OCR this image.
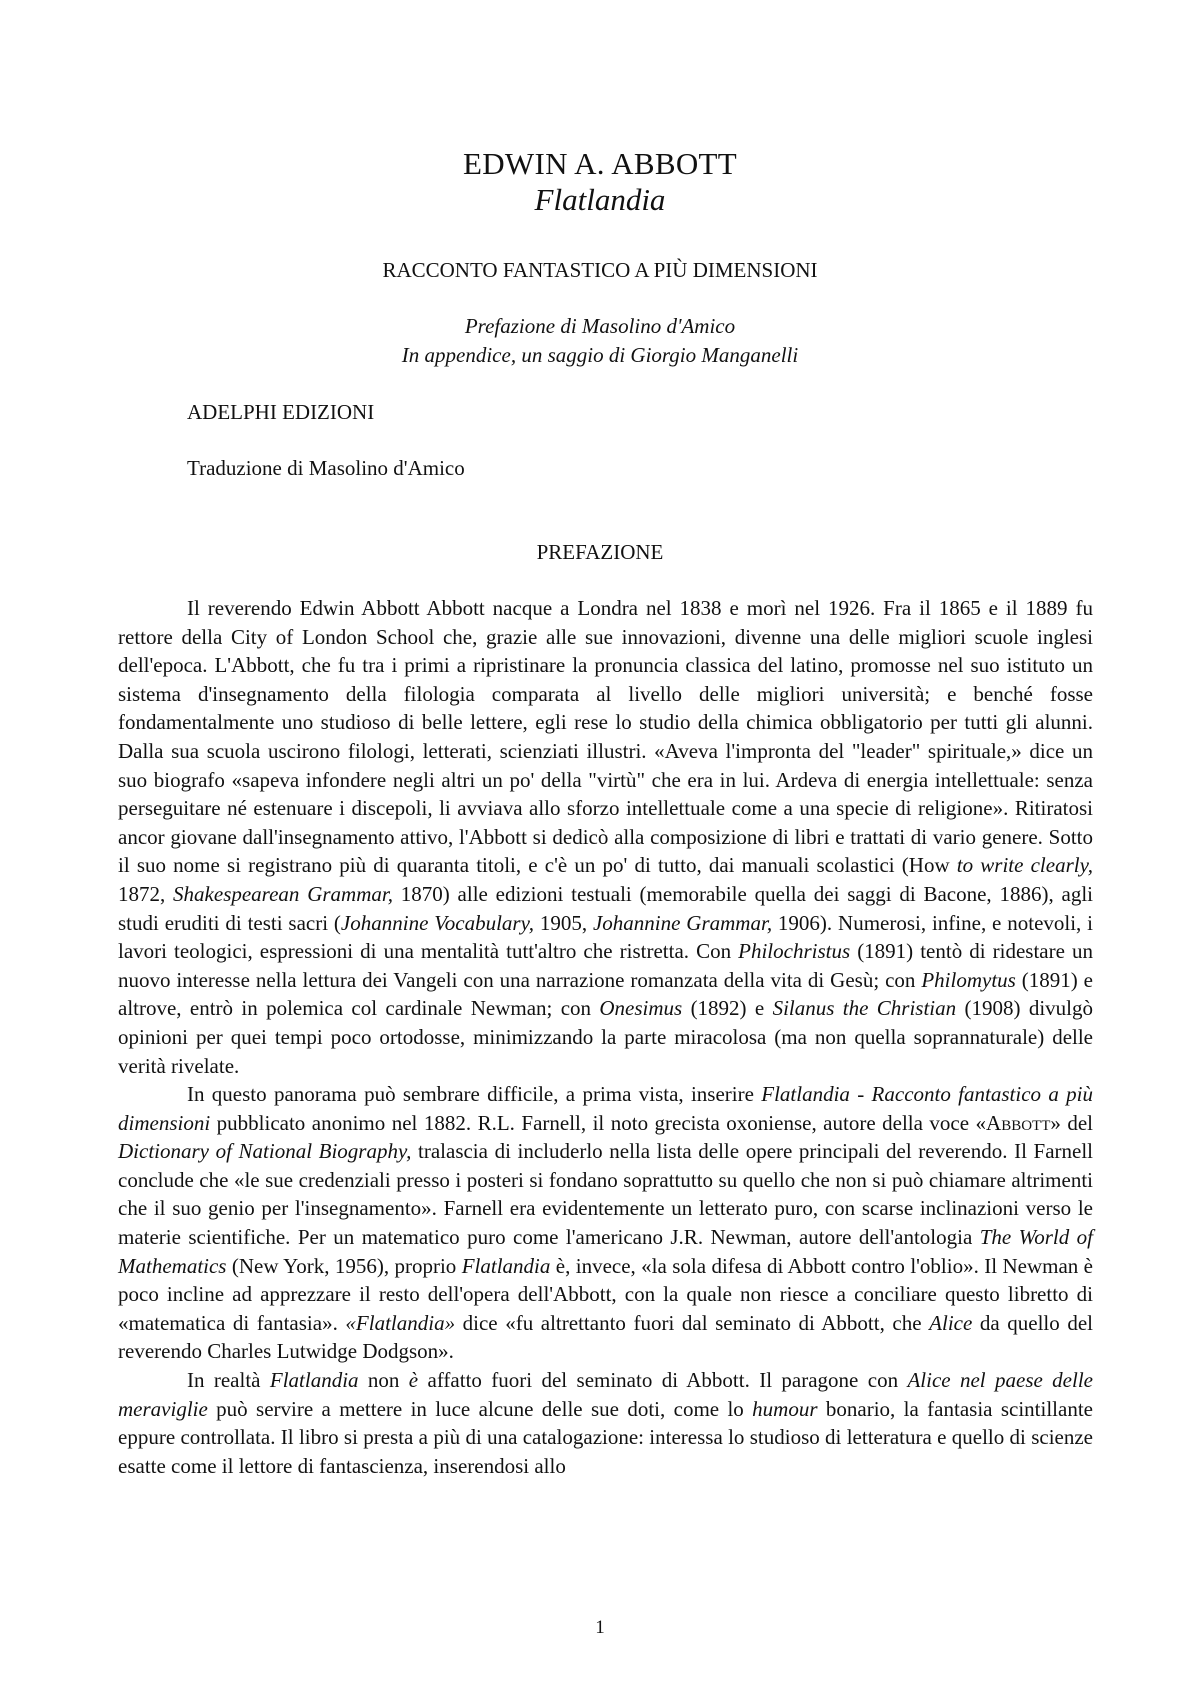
EDWIN A. ABBOTT
Flatlandia
RACCONTO FANTASTICO A PIÙ DIMENSIONI
Prefazione di Masolino d'Amico
In appendice, un saggio di Giorgio Manganelli
ADELPHI EDIZIONI
Traduzione di Masolino d'Amico
PREFAZIONE

Il reverendo Edwin Abbott Abbott nacque a Londra nel 1838 e morì nel 1926. Fra il 1865 e il 1889 fu rettore della City of London School che, grazie alle sue innovazioni, divenne una delle migliori scuole inglesi dell'epoca. L'Abbott, che fu tra i primi a ripristinare la pronuncia classica del latino, promosse nel suo istituto un sistema d'insegnamento della filologia comparata al livello delle migliori università; e benché fosse fondamentalmente uno studioso di belle lettere, egli rese lo studio della chimica obbligatorio per tutti gli alunni. Dalla sua scuola uscirono filologi, letterati, scienziati illustri. «Aveva l'impronta del "leader" spirituale,» dice un suo biografo «sapeva infondere negli altri un po' della "virtù" che era in lui. Ardeva di energia intellettuale: senza perseguitare né estenuare i discepoli, li avviava allo sforzo intellettuale come a una specie di religione». Ritiratosi ancor giovane dall'insegnamento attivo, l'Abbott si dedicò alla composizione di libri e trattati di vario genere. Sotto il suo nome si registrano più di quaranta titoli, e c'è un po' di tutto, dai manuali scolastici (How to write clearly, 1872, Shakespearean Grammar, 1870) alle edizioni testuali (memorabile quella dei saggi di Bacone, 1886), agli studi eruditi di testi sacri (Johannine Vocabulary, 1905, Johannine Grammar, 1906). Numerosi, infine, e notevoli, i lavori teologici, espressioni di una mentalità tutt'altro che ristretta. Con Philochristus (1891) tentò di ridestare un nuovo interesse nella lettura dei Vangeli con una narrazione romanzata della vita di Gesù; con Philomytus (1891) e altrove, entrò in polemica col cardinale Newman; con Onesimus (1892) e Silanus the Christian (1908) divulgò opinioni per quei tempi poco ortodosse, minimizzando la parte miracolosa (ma non quella soprannaturale) delle verità rivelate.

In questo panorama può sembrare difficile, a prima vista, inserire Flatlandia - Racconto fantastico a più dimensioni pubblicato anonimo nel 1882. R.L. Farnell, il noto grecista oxoniense, autore della voce «Abbott» del Dictionary of National Biography, tralascia di includerlo nella lista delle opere principali del reverendo. Il Farnell conclude che «le sue credenziali presso i posteri si fondano soprattutto su quello che non si può chiamare altrimenti che il suo genio per l'insegnamento». Farnell era evidentemente un letterato puro, con scarse inclinazioni verso le materie scientifiche. Per un matematico puro come l'americano J.R. Newman, autore dell'antologia The World of Mathematics (New York, 1956), proprio Flatlandia è, invece, «la sola difesa di Abbott contro l'oblio». Il Newman è poco incline ad apprezzare il resto dell'opera dell'Abbott, con la quale non riesce a conciliare questo libretto di «matematica di fantasia». «Flatlandia» dice «fu altrettanto fuori dal seminato di Abbott, che Alice da quello del reverendo Charles Lutwidge Dodgson».

In realtà Flatlandia non è affatto fuori del seminato di Abbott. Il paragone con Alice nel paese delle meraviglie può servire a mettere in luce alcune delle sue doti, come lo humour bonario, la fantasia scintillante eppure controllata. Il libro si presta a più di una catalogazione: interessa lo studioso di letteratura e quello di scienze esatte come il lettore di fantascienza, inserendosi allo

1
